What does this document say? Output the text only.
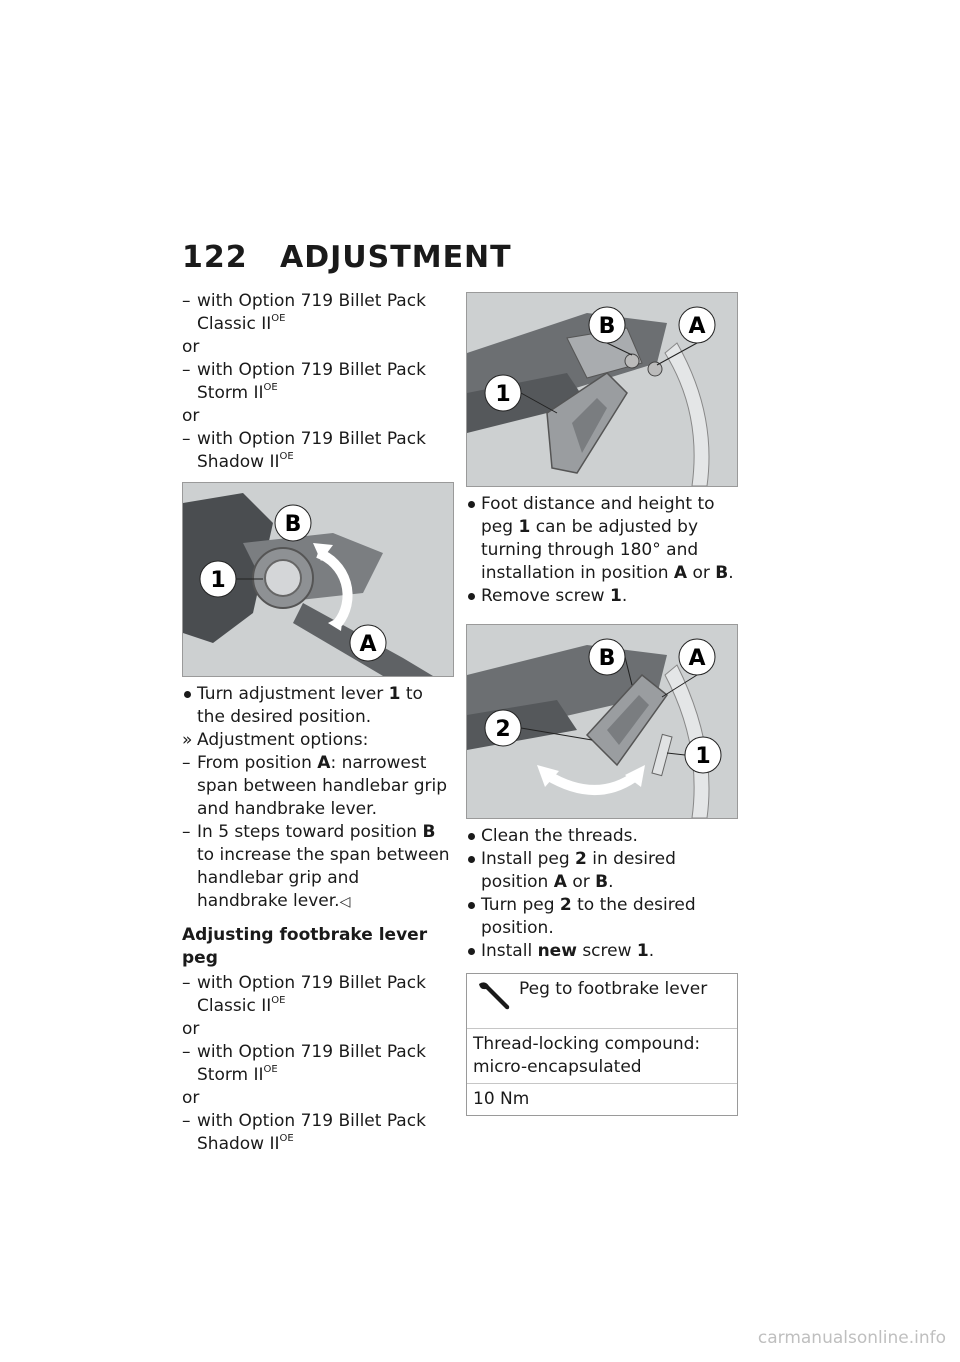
122 ADJUSTMENT

– with Option 719 Billet Pack Classic $II^{OE}$

or

– with Option 719 Billet Pack Storm $II^{OE}$

or

– with Option 719 Billet Pack Shadow $II^{OE}$

B
1
A

Turn adjustment lever 1 to the desired position.

» Adjustment options:

– From position A: narrowest span between handlebar grip and handbrake lever.

– In 5 steps toward position B to increase the span between handlebar grip and handbrake lever.◁

Adjusting footbrake lever peg

– with Option 719 Billet Pack Classic $II^{OE}$

or

– with Option 719 Billet Pack Storm $II^{OE}$

or

– with Option 719 Billet Pack Shadow $II^{OE}$

B	A
1

Foot distance and height to peg 1 can be adjusted by turning through 180° and installation in position A or B.

Remove screw 1.

B	A
2
1

Clean the threads.

Install peg 2 in desired position A or B.

Turn peg 2 to the desired position.

Install new screw 1.

Peg to footbrake lever
Thread-locking compound: micro-encapsulated
10 Nm
carmanualsonline.info
